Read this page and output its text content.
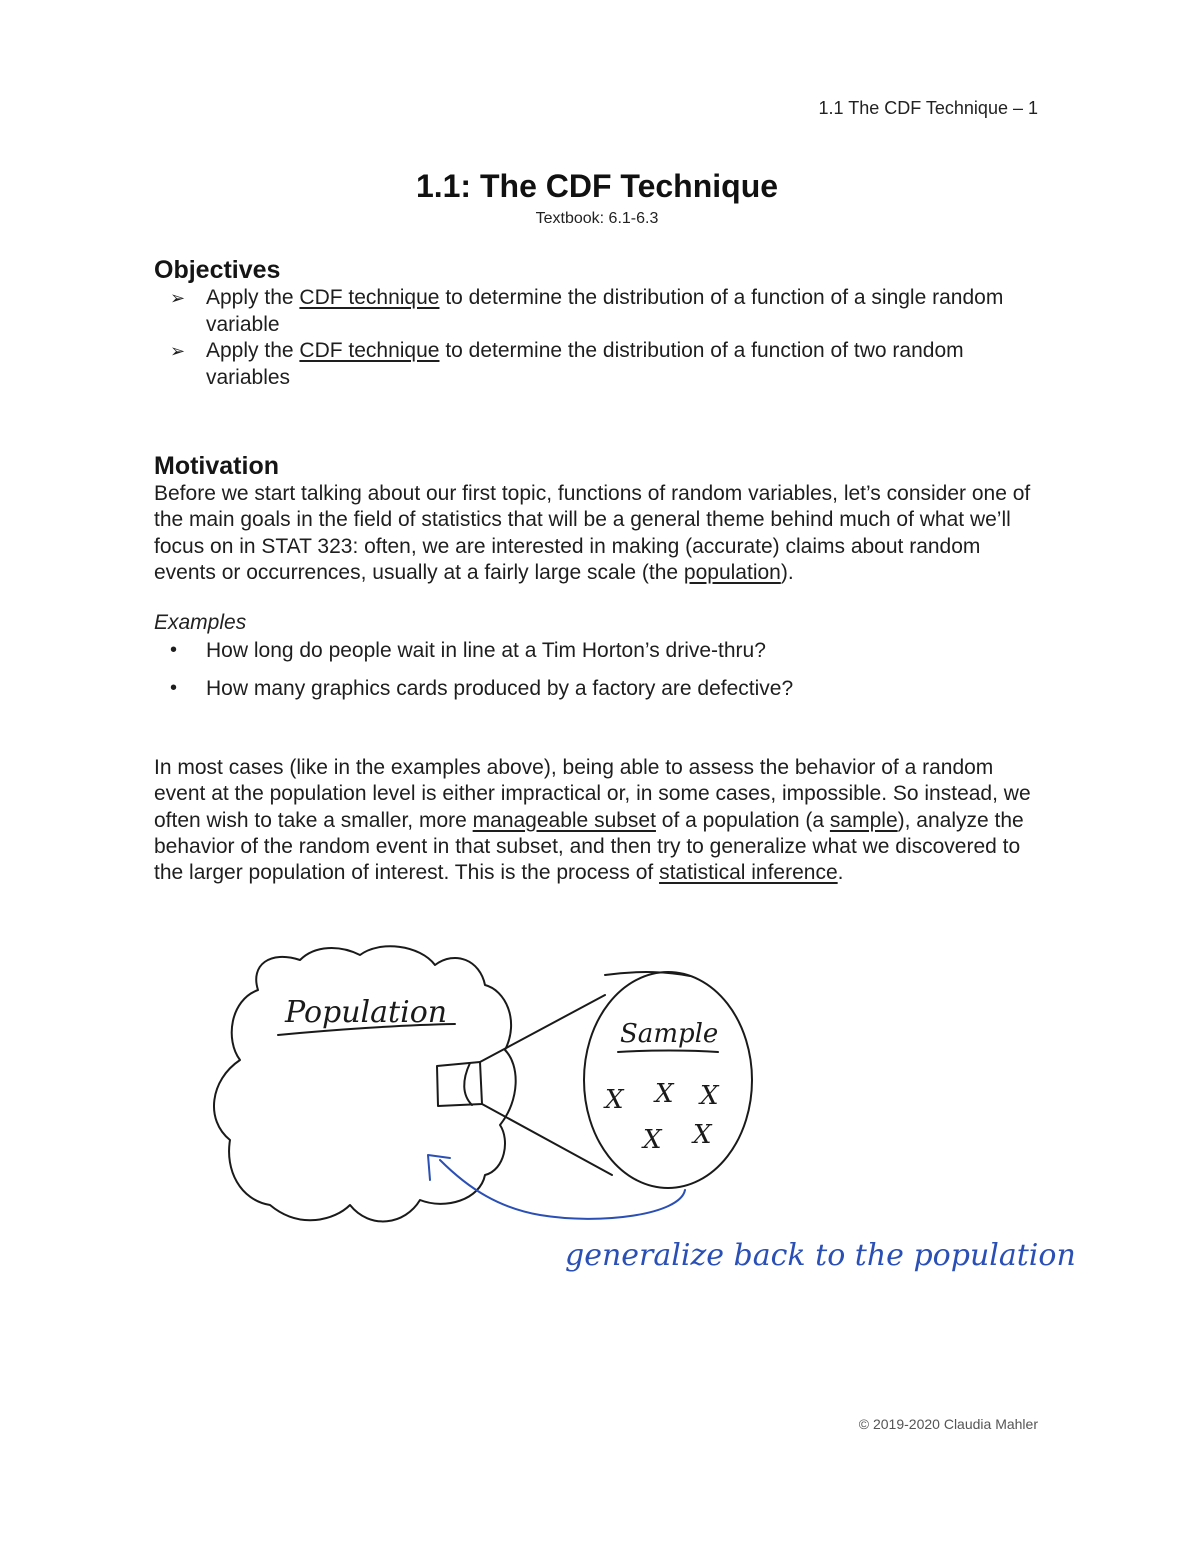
1.1 The CDF Technique – 1
1.1: The CDF Technique
Textbook: 6.1-6.3
Objectives
➢ Apply the CDF technique to determine the distribution of a function of a single random variable
➢ Apply the CDF technique to determine the distribution of a function of two random variables
Motivation

Before we start talking about our first topic, functions of random variables, let’s consider one of the main goals in the field of statistics that will be a general theme behind much of what we’ll focus on in STAT 323: often, we are interested in making (accurate) claims about random events or occurrences, usually at a fairly large scale (the population).

Examples
• How long do people wait in line at a Tim Horton’s drive-thru?
• How many graphics cards produced by a factory are defective?

In most cases (like in the examples above), being able to assess the behavior of a random event at the population level is either impractical or, in some cases, impossible. So instead, we often wish to take a smaller, more manageable subset of a population (a sample), analyze the behavior of the random event in that subset, and then try to generalize what we discovered to the larger population of interest. This is the process of statistical inference.

Population
Sample
X X X
X X
generalize back to the population
© 2019-2020 Claudia Mahler
